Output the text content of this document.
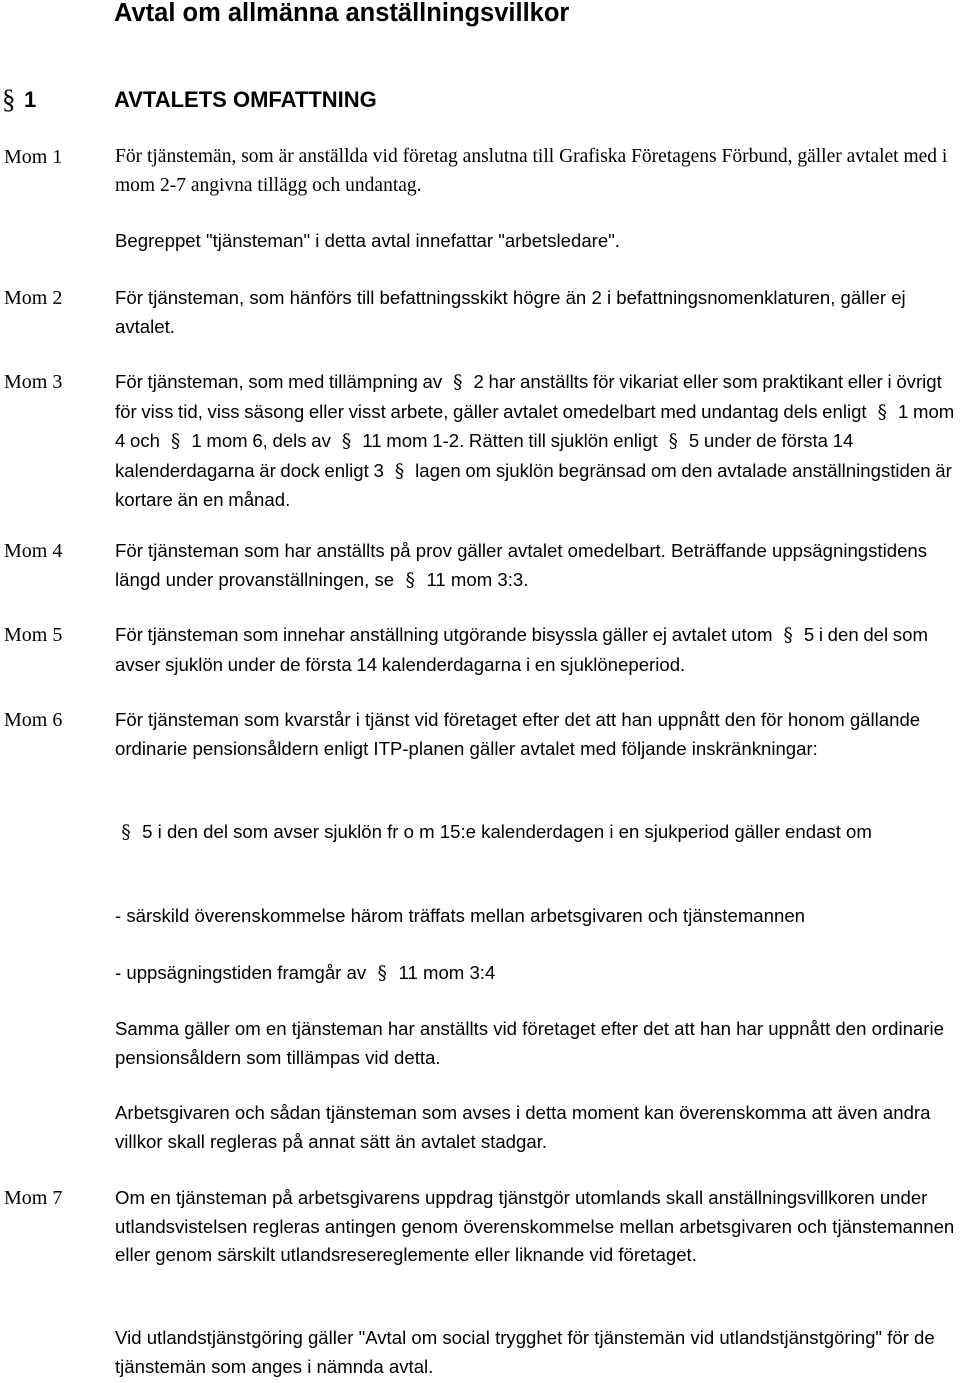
Avtal om allmänna anställningsvillkor
§ 1	AVTALETS OMFATTNING
Mom 1
Mom 2
Mom 3
Mom 4
Mom 5
Mom 6
Mom 7

För tjänstemän, som är anställda vid företag anslutna till Grafiska Företagens Förbund, gäller avtalet med i mom 2-7 angivna tillägg och undantag.

Begreppet "tjänsteman" i detta avtal innefattar "arbetsledare".

För tjänsteman, som hänförs till befattningsskikt högre än 2 i befattningsnomenklaturen, gäller ej avtalet.

För tjänsteman, som med tillämpning av § 2 har anställts för vikariat eller som praktikant eller i övrigt för viss tid, viss säsong eller visst arbete, gäller avtalet omedelbart med undantag dels enligt § 1 mom 4 och § 1 mom 6, dels av § 11 mom 1-2. Rätten till sjuklön enligt § 5 under de första 14 kalenderdagarna är dock enligt 3 § lagen om sjuklön begränsad om den avtalade anställningstiden är kortare än en månad.

För tjänsteman som har anställts på prov gäller avtalet omedelbart. Beträffande uppsägningstidens längd under provanställningen, se § 11 mom 3:3.

För tjänsteman som innehar anställning utgörande bisyssla gäller ej avtalet utom § 5 i den del som avser sjuklön under de första 14 kalenderdagarna i en sjuklöneperiod.

För tjänsteman som kvarstår i tjänst vid företaget efter det att han uppnått den för honom gällande ordinarie pensionsåldern enligt ITP-planen gäller avtalet med följande inskränkningar:

§ 5 i den del som avser sjuklön fr o m 15:e kalenderdagen i en sjukperiod gäller endast om

- särskild överenskommelse härom träffats mellan arbetsgivaren och tjänstemannen

- uppsägningstiden framgår av § 11 mom 3:4

Samma gäller om en tjänsteman har anställts vid företaget efter det att han har uppnått den ordinarie pensionsåldern som tillämpas vid detta.

Arbetsgivaren och sådan tjänsteman som avses i detta moment kan överenskomma att även andra villkor skall regleras på annat sätt än avtalet stadgar.

Om en tjänsteman på arbetsgivarens uppdrag tjänstgör utomlands skall anställningsvillkoren under utlandsvistelsen regleras antingen genom överenskommelse mellan arbetsgivaren och tjänstemannen eller genom särskilt utlandsresereglemente eller liknande vid företaget.

Vid utlandstjänstgöring gäller "Avtal om social trygghet för tjänstemän vid utlandstjänstgöring" för de tjänstemän som anges i nämnda avtal.
